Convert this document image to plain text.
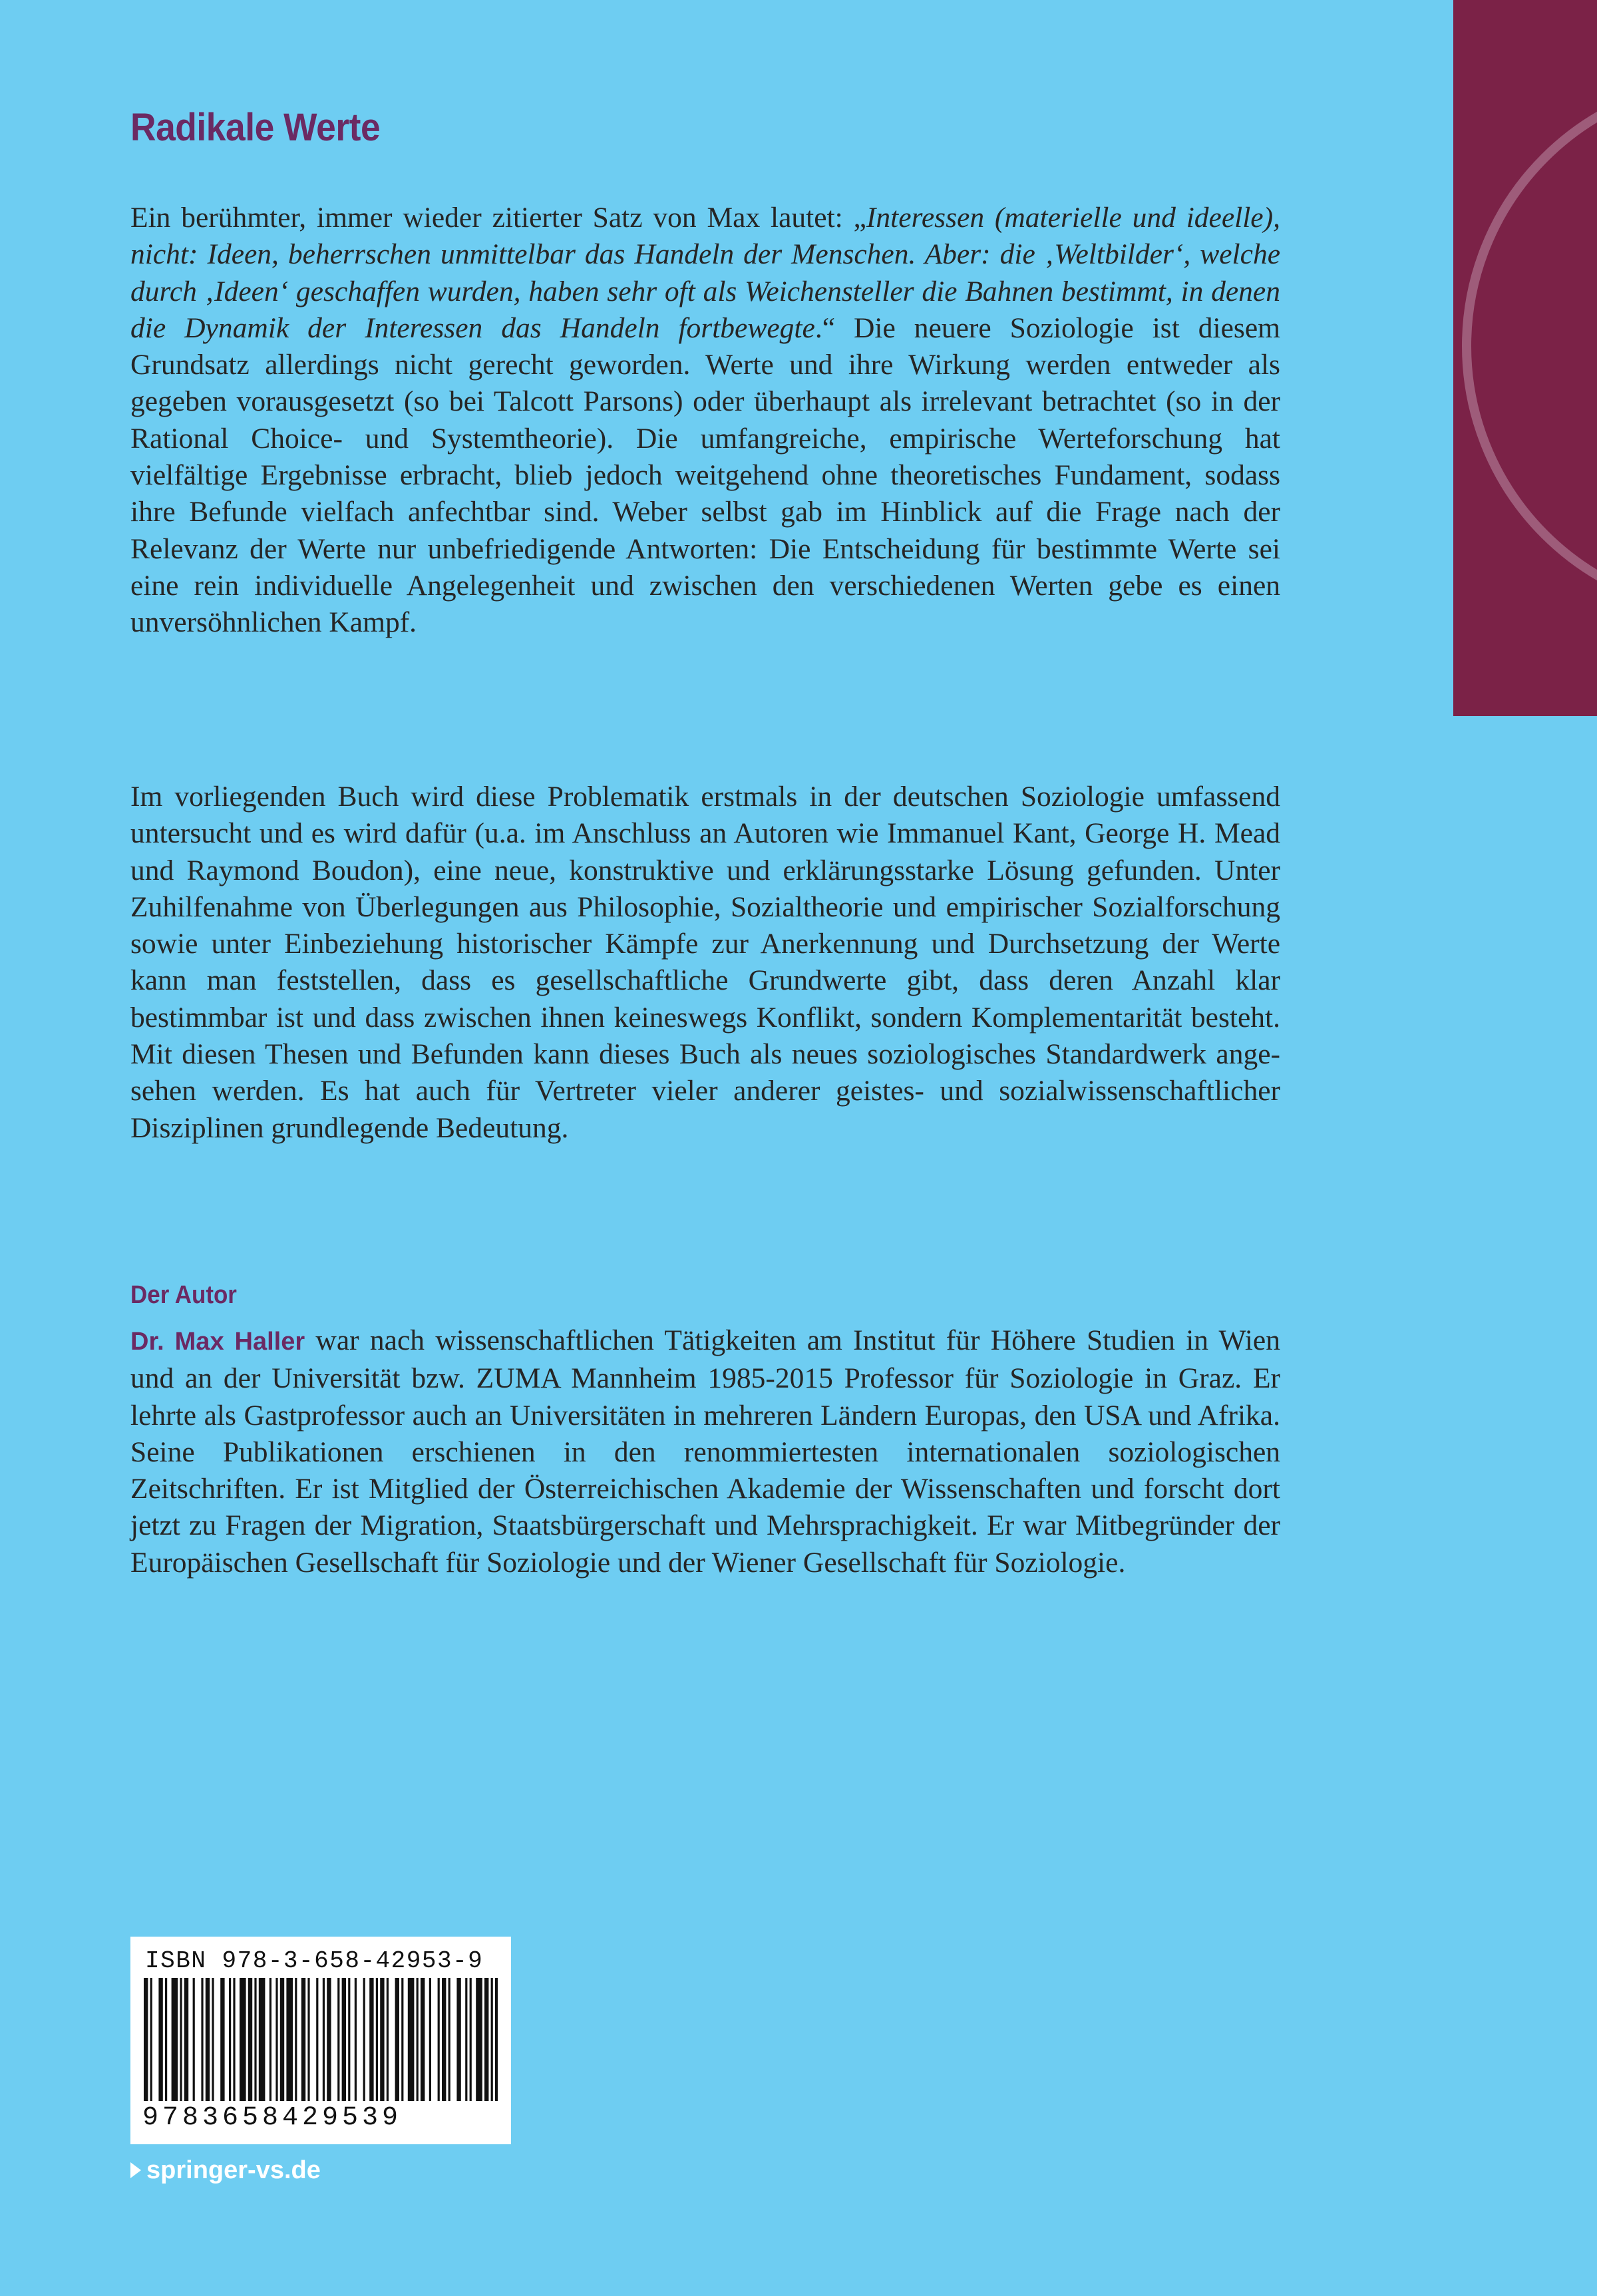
Radikale Werte

Ein berühmter, immer wieder zitierter Satz von Max lautet: „Interessen (materielle und ideelle), nicht: Ideen, beherrschen unmittelbar das Handeln der Menschen. Aber: die ‚Weltbilder‘, welche durch ‚Ideen‘ geschaffen wurden, haben sehr oft als Weichensteller die Bahnen bestimmt, in denen die Dynamik der Interessen das Handeln fortbewegte.“ Die neuere Soziologie ist diesem Grundsatz allerdings nicht gerecht geworden. Werte und ihre Wirkung werden entweder als gegeben vorausgesetzt (so bei Talcott Parsons) oder überhaupt als irrelevant betrachtet (so in der Rational Choice- und Systemtheorie). Die umfangreiche, empirische Werteforschung hat vielfältige Ergebnisse erbracht, blieb jedoch weitgehend ohne theoretisches Fundament, sodass ihre Befunde vielfach anfechtbar sind. Weber selbst gab im Hinblick auf die Frage nach der Relevanz der Werte nur unbefriedigende Antworten: Die Entscheidung für bestimmte Werte sei eine rein individuelle Angelegenheit und zwischen den verschiedenen Werten gebe es einen unversöhnlichen Kampf.

Im vorliegenden Buch wird diese Problematik erstmals in der deutschen Soziologie umfassend untersucht und es wird dafür (u.a. im Anschluss an Autoren wie Immanuel Kant, George H. Mead und Raymond Boudon), eine neue, konstruktive und erklärungsstarke Lösung gefunden. Unter Zuhilfenahme von Überlegungen aus Philosophie, Sozialtheorie und empirischer Sozialforschung sowie unter Einbeziehung historischer Kämpfe zur Anerkennung und Durchsetzung der Werte kann man feststellen, dass es gesellschaftliche Grundwerte gibt, dass deren Anzahl klar bestimmbar ist und dass zwischen ihnen keineswegs Konflikt, sondern Komplementarität besteht. Mit diesen Thesen und Befunden kann dieses Buch als neues soziologisches Standardwerk angesehen werden. Es hat auch für Vertreter vieler anderer geistes- und sozialwissenschaftlicher Disziplinen grundlegende Bedeutung.

Der Autor

Dr. Max Haller war nach wissenschaftlichen Tätigkeiten am Institut für Höhere Studien in Wien und an der Universität bzw. ZUMA Mannheim 1985-2015 Professor für Soziologie in Graz. Er lehrte als Gastprofessor auch an Universitäten in mehreren Ländern Europas, den USA und Afrika. Seine Publikationen erschienen in den renommiertesten internationalen soziologischen Zeitschriften. Er ist Mitglied der Österreichischen Akademie der Wissenschaften und forscht dort jetzt zu Fragen der Migration, Staatsbürgerschaft und Mehrsprachigkeit. Er war Mitbegründer der Europäischen Gesellschaft für Soziologie und der Wiener Gesellschaft für Soziologie.

ISBN 978-3-658-42953-9
9783658429539
springer-vs.de
